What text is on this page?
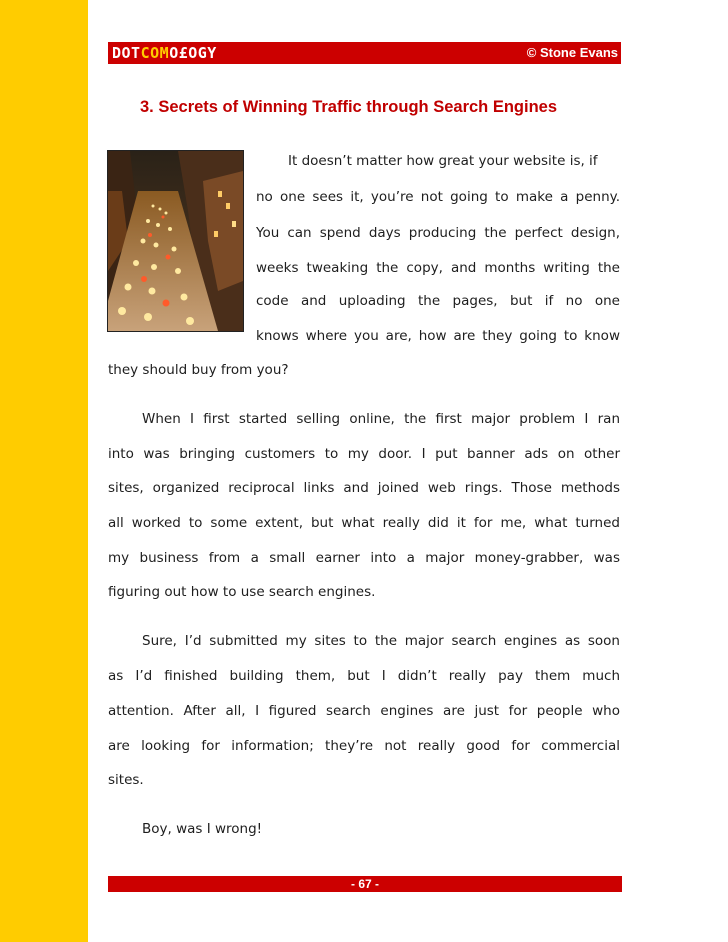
DOTCOMO£OGY	© Stone Evans
3. Secrets of Winning Traffic through Search Engines
It doesn’t matter how great your website is, if
no one sees it, you’re not going to make a penny.
You can spend days producing the perfect design,
weeks tweaking the copy, and months writing the
code and uploading the pages, but if no one
knows where you are, how are they going to know
they should buy from you?
When I first started selling online, the first major problem I ran
into was bringing customers to my door. I put banner ads on other
sites, organized reciprocal links and joined web rings. Those methods
all worked to some extent, but what really did it for me, what turned
my business from a small earner into a major money-grabber, was
figuring out how to use search engines.
Sure, I’d submitted my sites to the major search engines as soon
as I’d finished building them, but I didn’t really pay them much
attention. After all, I figured search engines are just for people who
are looking for information; they’re not really good for commercial
sites.
Boy, was I wrong!
- 67 -
